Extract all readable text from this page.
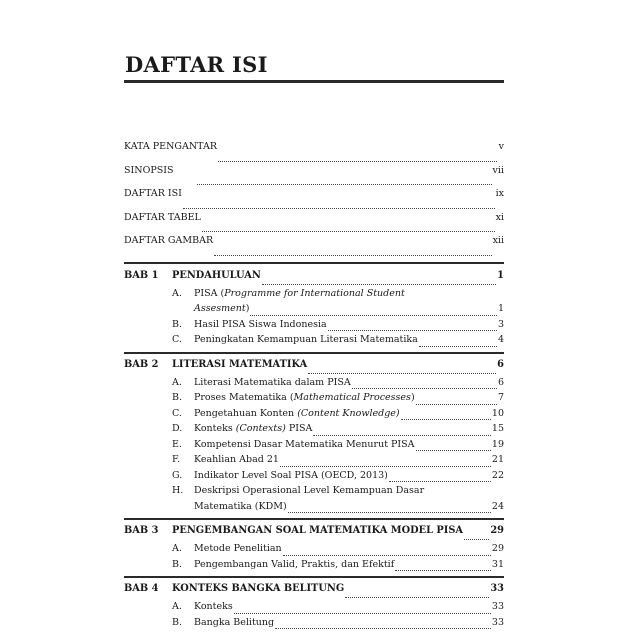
DAFTAR ISI
KATA PENGANTAR	v
SINOPSIS	vii
DAFTAR ISI	ix
DAFTAR TABEL	xi
DAFTAR GAMBAR	xii
BAB 1	PENDAHULUAN	1
A.	PISA (Programme for International Student
Assesment)	1
B.	Hasil PISA Siswa Indonesia	3
C.	Peningkatan Kemampuan Literasi Matematika	4
BAB 2	LITERASI MATEMATIKA	6
A.	Literasi Matematika dalam PISA	6
B.	Proses Matematika (Mathematical Processes)	7
C.	Pengetahuan Konten (Content Knowledge)	10
D.	Konteks (Contexts) PISA	15
E.	Kompetensi Dasar Matematika Menurut PISA	19
F.	Keahlian Abad 21	21
G.	Indikator Level Soal PISA (OECD, 2013)	22
H.	Deskripsi Operasional Level Kemampuan Dasar
Matematika (KDM)	24
BAB 3	PENGEMBANGAN SOAL MATEMATIKA MODEL PISA	29
A.	Metode Penelitian	29
B.	Pengembangan Valid, Praktis, dan Efektif	31
BAB 4	KONTEKS BANGKA BELITUNG	33
A.	Konteks	33
B.	Bangka Belitung	33
